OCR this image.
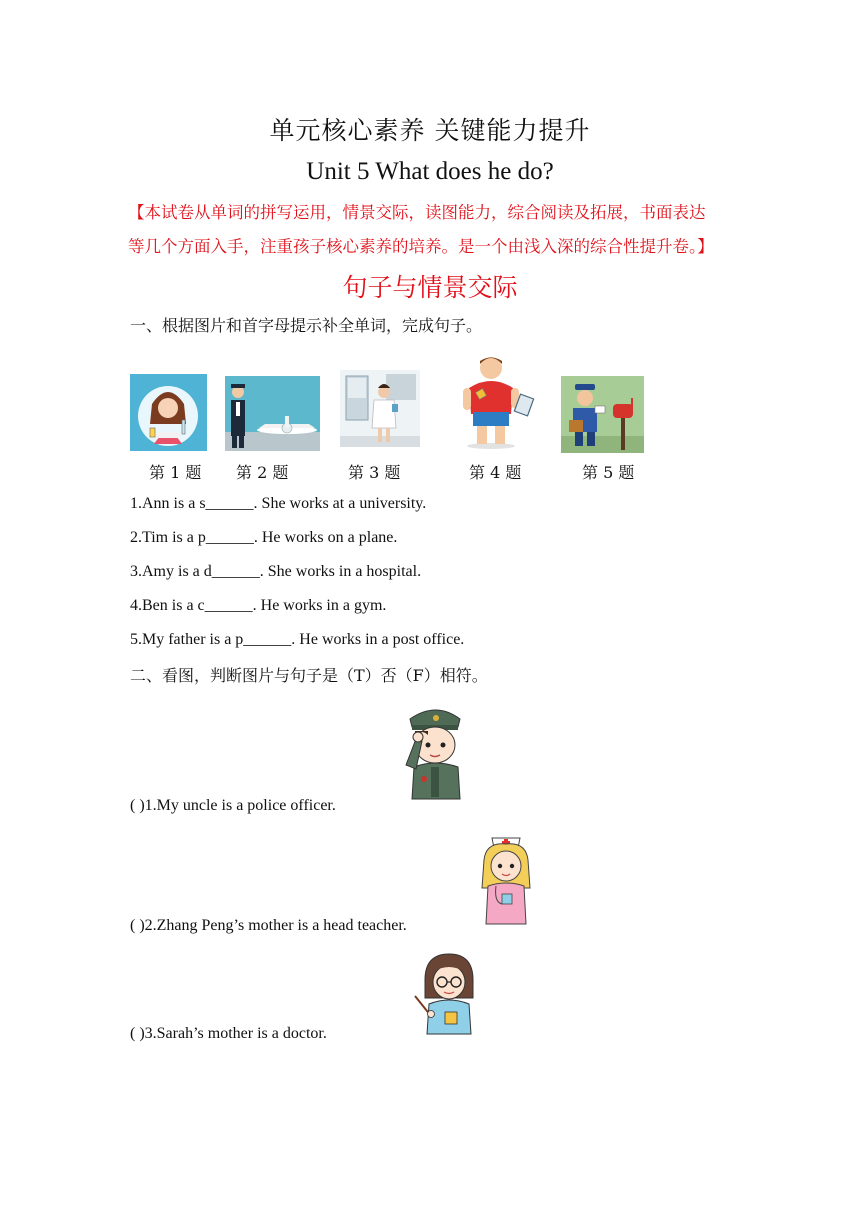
单元核心素养 关键能力提升
Unit 5 What does he do?
【本试卷从单词的拼写运用，情景交际，读图能力，综合阅读及拓展，书面表达
等几个方面入手，注重孩子核心素养的培养。是一个由浅入深的综合性提升卷。】
句子与情景交际
一、根据图片和首字母提示补全单词，完成句子。
第 1 题 第 2 题	第 3 题	第 4 题	第 5 题
1.Ann is a s______. She works at a university.
2.Tim is a p______. He works on a plane.
3.Amy is a d______. She works in a hospital.
4.Ben is a c______. He works in a gym.
5.My father is a p______. He works in a post office.
二、看图，判断图片与句子是（T）否（F）相符。
( )1.My uncle is a police officer.
( )2.Zhang Peng’s mother is a head teacher.
( )3.Sarah’s mother is a doctor.
